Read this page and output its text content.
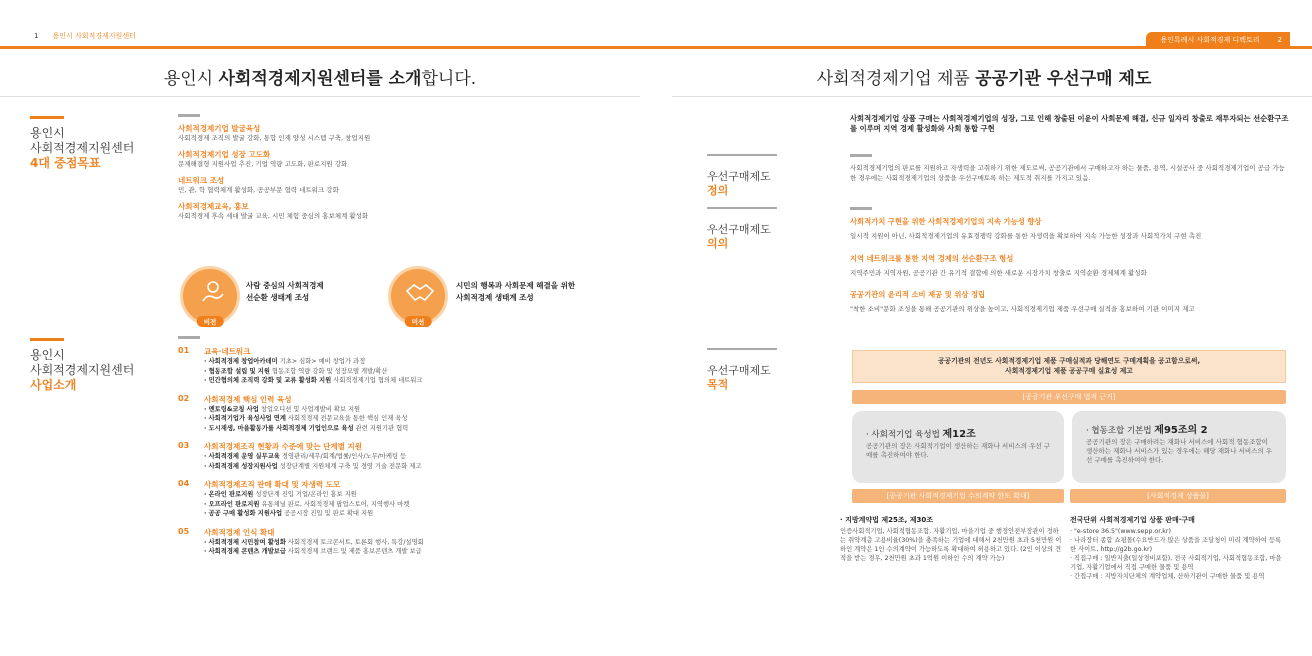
1 용인시 사회적경제지원센터	용인특례시 사회적경제 디렉토리	2
용인시 사회적경제지원센터를 소개합니다.	사회적경제기업 제품 공공기관 우선구매 제도
용인시
사회적경제지원센터
4대 중점목표
사회적경제기업 발굴육성
사회적경제 조직의 발굴 강화, 통합 인재 양성 시스템 구축, 창업지원
사회적경제기업 성장 고도화
문제해결형 지원사업 추진, 기업 역량 고도화, 판로지원 강화
네트워크 조성
민, 관, 학 협력체계 활성화, 공공부문 협력 네트워크 강화
사회적경제교육, 홍보
사회적경제 후속 세대 발굴 교육, 시민 체험 중심의 홍보체계 활성화
비전
사람 중심의 사회적경제
선순환 생태계 조성
미션
시민의 행복과 사회문제 해결을 위한
사회적경제 생태계 조성
용인시
사회적경제지원센터
사업소개
01 교육·네트워크
· 사회적경제 창업아카데미 기초> 심화> 예비 창업가 과정
· 협동조합 설립 및 지원 협동조합 역량 강화 및 성장모델 개발/확산
· 민간협의체 조직력 강화 및 교류 활성화 지원 사회적경제기업 협의체 네트워크
02 사회적경제 핵심 인력 육성
· 멘토링&코칭 사업 창업오디션 및 사업계발비 확보 지원
· 사회적기업가 육성사업 연계 사회적경제 전문교육을 통한 핵심 인재 육성
· 도시재생, 마을활동가를 사회적경제 기업인으로 육성 관련 지원기관 협력
03 사회적경제조직 현황과 수준에 맞는 단계별 지원
· 사회적경제 운영 실무교육 경영관리/세무/회계/법률/인사/노무/마케팅 등
· 사회적경제 성장지원사업 성장단계별 지원체계 구축 및 경영 기술 전문화 제고
04 사회적경제조직 판매 확대 및 자생력 도모
· 온라인 판로지원 성장단계 진입 기업/온라인 홍보 지원
· 오프라인 판로지원 유통채널 판로, 사회적경제 팝업스토어, 지역행사 마켓
· 공공 구매 활성화 지원사업 공공시장 진입 및 판로 확대 지원
05 사회적경제 인식 확대
· 사회적경제 시민참여 활성화 사회적경제 토크콘서트, 토론회 행사, 특강/설명회
· 사회적경제 콘텐츠 개발보급 사회적경제 브랜드 및 제품 홍보콘텐츠 개발 보급
우선구매제도
정의
우선구매제도
의의
우선구매제도
목적
사회적경제기업 상품 구매는 사회적경제기업의 성장, 그로 인해 창출된 이윤이 사회문제 해결, 신규 일자리 창출로 재투자되는 선순환구조를 이루며 지역 경제 활성화와 사회 통합 구현
사회적경제기업의 판로를 지원하고 자생력을 고취하기 위한 제도로써, 공공기관에서 구매하고자 하는 물품, 용역, 시설공사 중 사회적경제기업이 공급 가능한 경우에는 사회적경제기업의 상품을 우선구매토록 하는 제도적 취지를 가지고 있음.
사회적가치 구현을 위한 사회적경제기업의 지속 가능성 향상
일시적 지원이 아닌, 사회적경제기업의 유효경쟁력 강화를 통한 자생력을 확보하여 지속 가능한 성장과 사회적가치 구현 촉진
지역 네트워크를 통한 지역 경제의 선순환구조 형성
지역주민과 지역자원, 공공기관 간 유기적 결합에 의한 새로운 시장가치 창출로 지역순환 경제체계 활성화
공공기관의 윤리적 소비 제공 및 위상 정립
"착한 소비"문화 조성을 통해 공공기관의 위상을 높이고, 사회적경제기업 제품 우선구매 실적을 홍보하여 기관 이미지 제고
공공기관의 전년도 사회적경제기업 제품 구매실적과 당해연도 구매계획을 공고함으로써,
사회적경제기업 제품 공공구매 실효성 제고
[공공기관 우선구매 법적 근거]
· 사회적기업 육성법 제12조
공공기관의 장은 사회적기업이 생산하는 재화나 서비스의 우선 구매를 촉진하여야 한다.
· 협동조합 기본법 제95조의 2
공공기관의 장은 구매하려는 재화나 서비스에 사회적 협동조합이 생산하는 재화나 서비스가 있는 경우에는 해당 재화나 서비스의 우선 구매를 촉진하여야 한다.
[공공기관 사회적경제기업 수의계약 한도 확대]	[사회적경제 상품몰]
· 지방계약법 제25조, 제30조
인증사회적기업, 사회적협동조합, 자활기업, 마을기업 중 행정안전부장관이 정하는 취약계층 고용비율(30%)을 충족하는 기업에 대해서 2천만원 초과 5천만원 이하인 계약은 1인 수의계약이 가능하도록 확대하여 허용하고 있다. (2인 이상의 견적을 받는 경우, 2천만원 초과 1억원 이하인 수의 계약 가능)
전국단위 사회적경제기업 상품 판매·구매
· "e-store 36.5"(www.sepp.or.kr)
· 나라장터 종합 쇼핑몰(수요반드가 많은 상품을 조달청이 미리 계약하여 등록한 사이트, http://g2b.go.kr)
· 직접구매 : 일반지출(일상경비포함), 전국 사회적기업, 사회적협동조합, 마을기업, 자활기업에서 직접 구매한 물품 및 용역
· 간접구매 : 지방자치단체의 계약업체, 산하기관이 구매한 물품 및 용역
